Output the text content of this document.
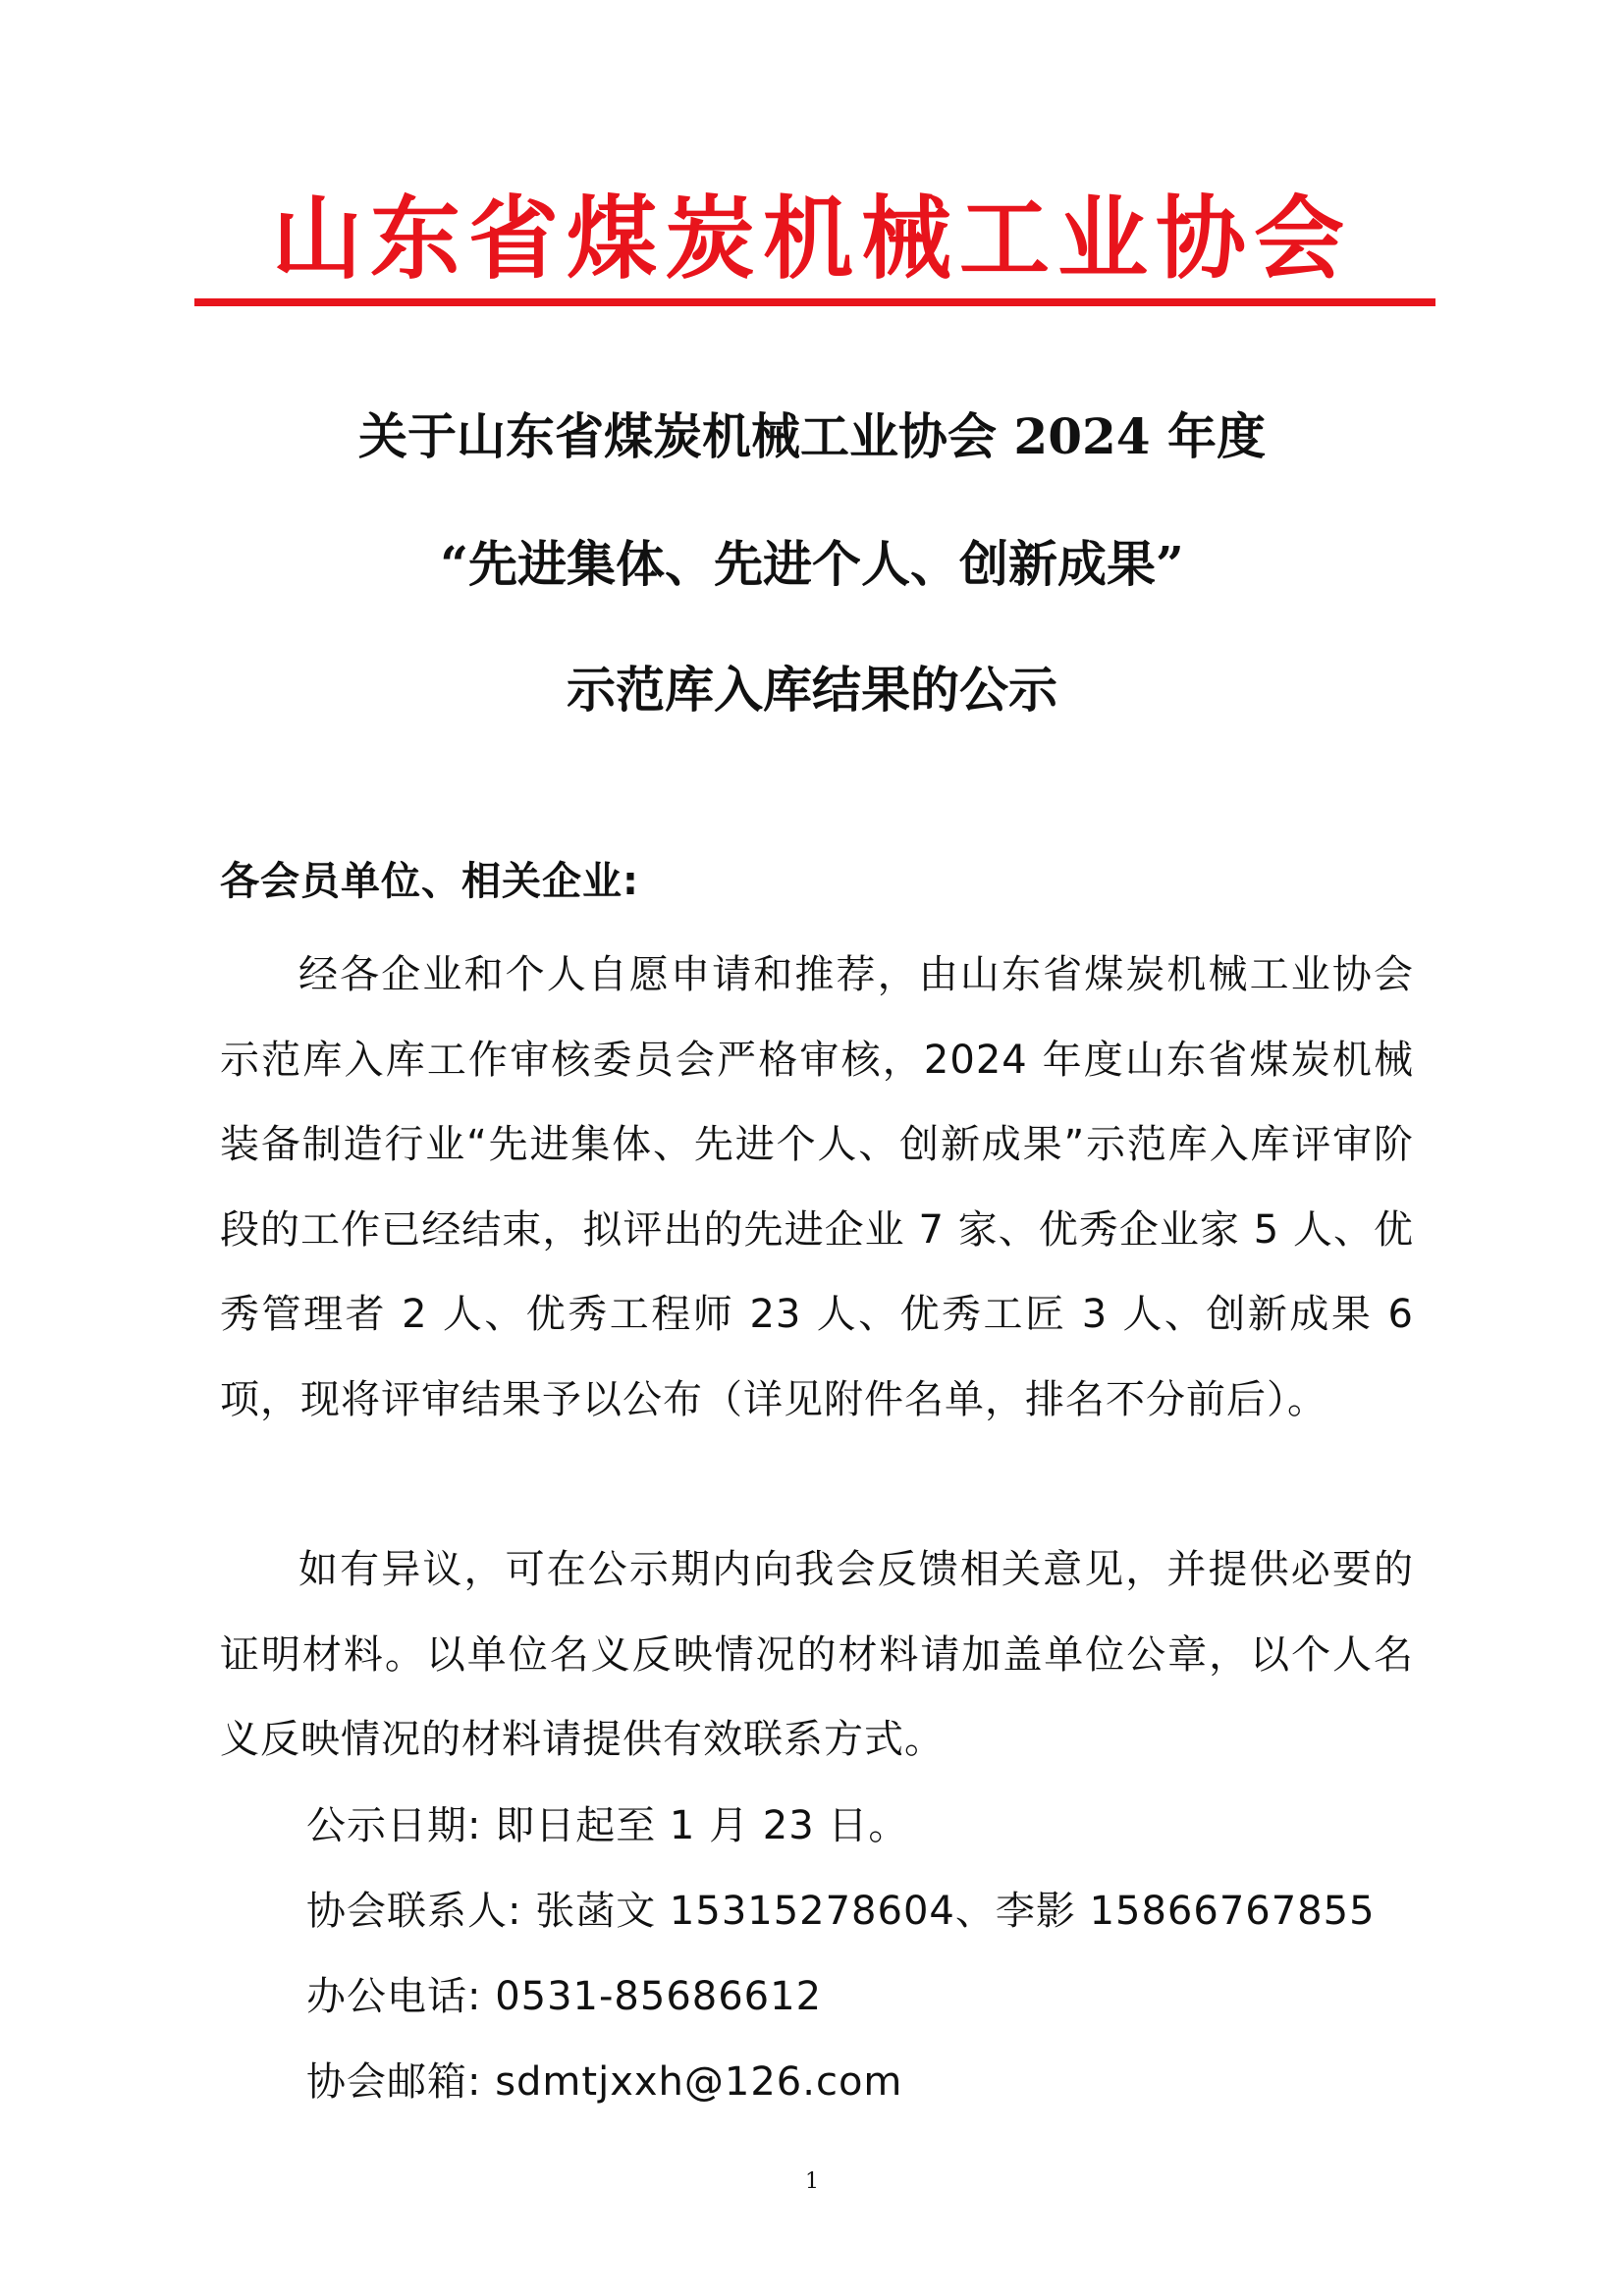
山东省煤炭机械工业协会
关于山东省煤炭机械工业协会 2024 年度
“先进集体、先进个人、创新成果”
示范库入库结果的公示
各会员单位、相关企业:

经各企业和个人自愿申请和推荐，由山东省煤炭机械工业协会示范库入库工作审核委员会严格审核，2024 年度山东省煤炭机械装备制造行业“先进集体、先进个人、创新成果”示范库入库评审阶段的工作已经结束，拟评出的先进企业 7 家、优秀企业家 5 人、优秀管理者 2 人、优秀工程师 23 人、优秀工匠 3 人、创新成果 6 项，现将评审结果予以公布（详见附件名单，排名不分前后）。

如有异议，可在公示期内向我会反馈相关意见，并提供必要的证明材料。以单位名义反映情况的材料请加盖单位公章，以个人名义反映情况的材料请提供有效联系方式。

公示日期: 即日起至 1 月 23 日。
协会联系人: 张菡文 15315278604、李影 15866767855
办公电话: 0531-85686612
协会邮箱: sdmtjxxh@126.com
1
